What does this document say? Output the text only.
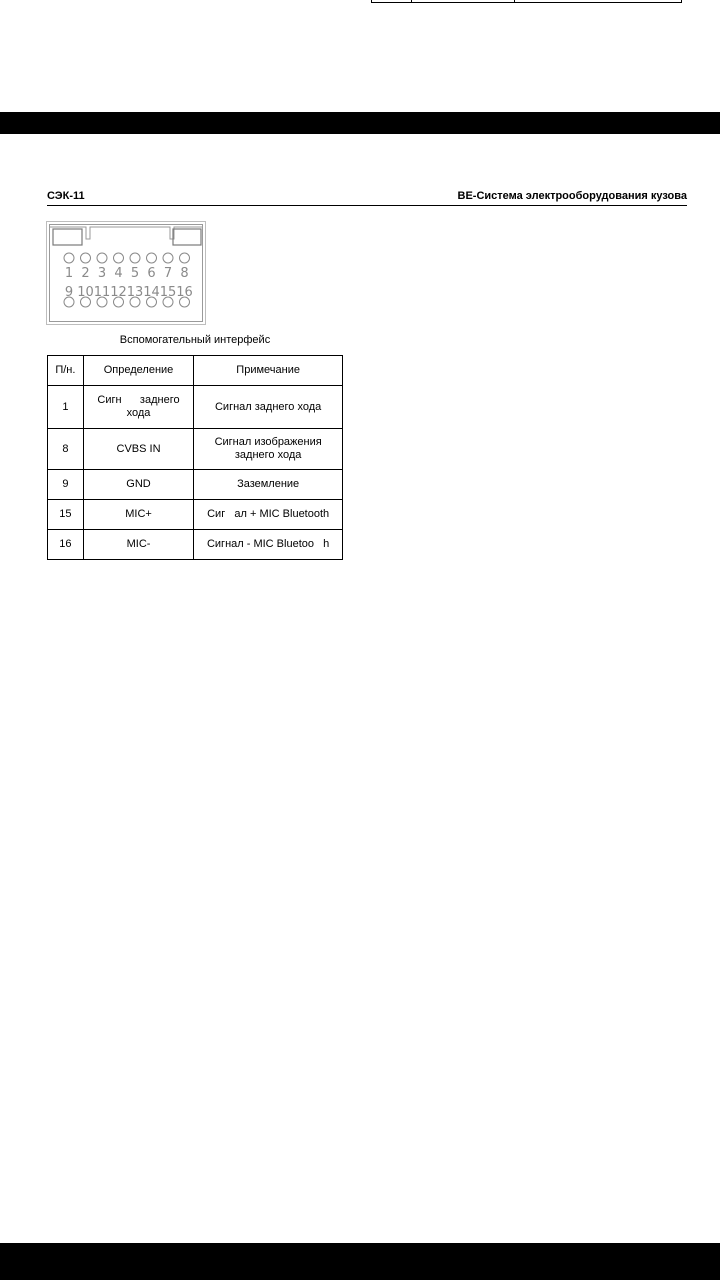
СЭК-11	BE-Система электрооборудования кузова
1 2 3 4 5 6 7 8
9 10 11 12 13 14 15 16
Вспомогательный интерфейс
П/н.	Определение	Примечание
1	Сигн      заднего хода	Сигнал заднего хода
8	CVBS IN	Сигнал изображения заднего хода
9	GND	Заземление
15	MIC+	Сиг   ал + MIC Bluetooth
16	MIC-	Сигнал - MIC Bluetoo   h
